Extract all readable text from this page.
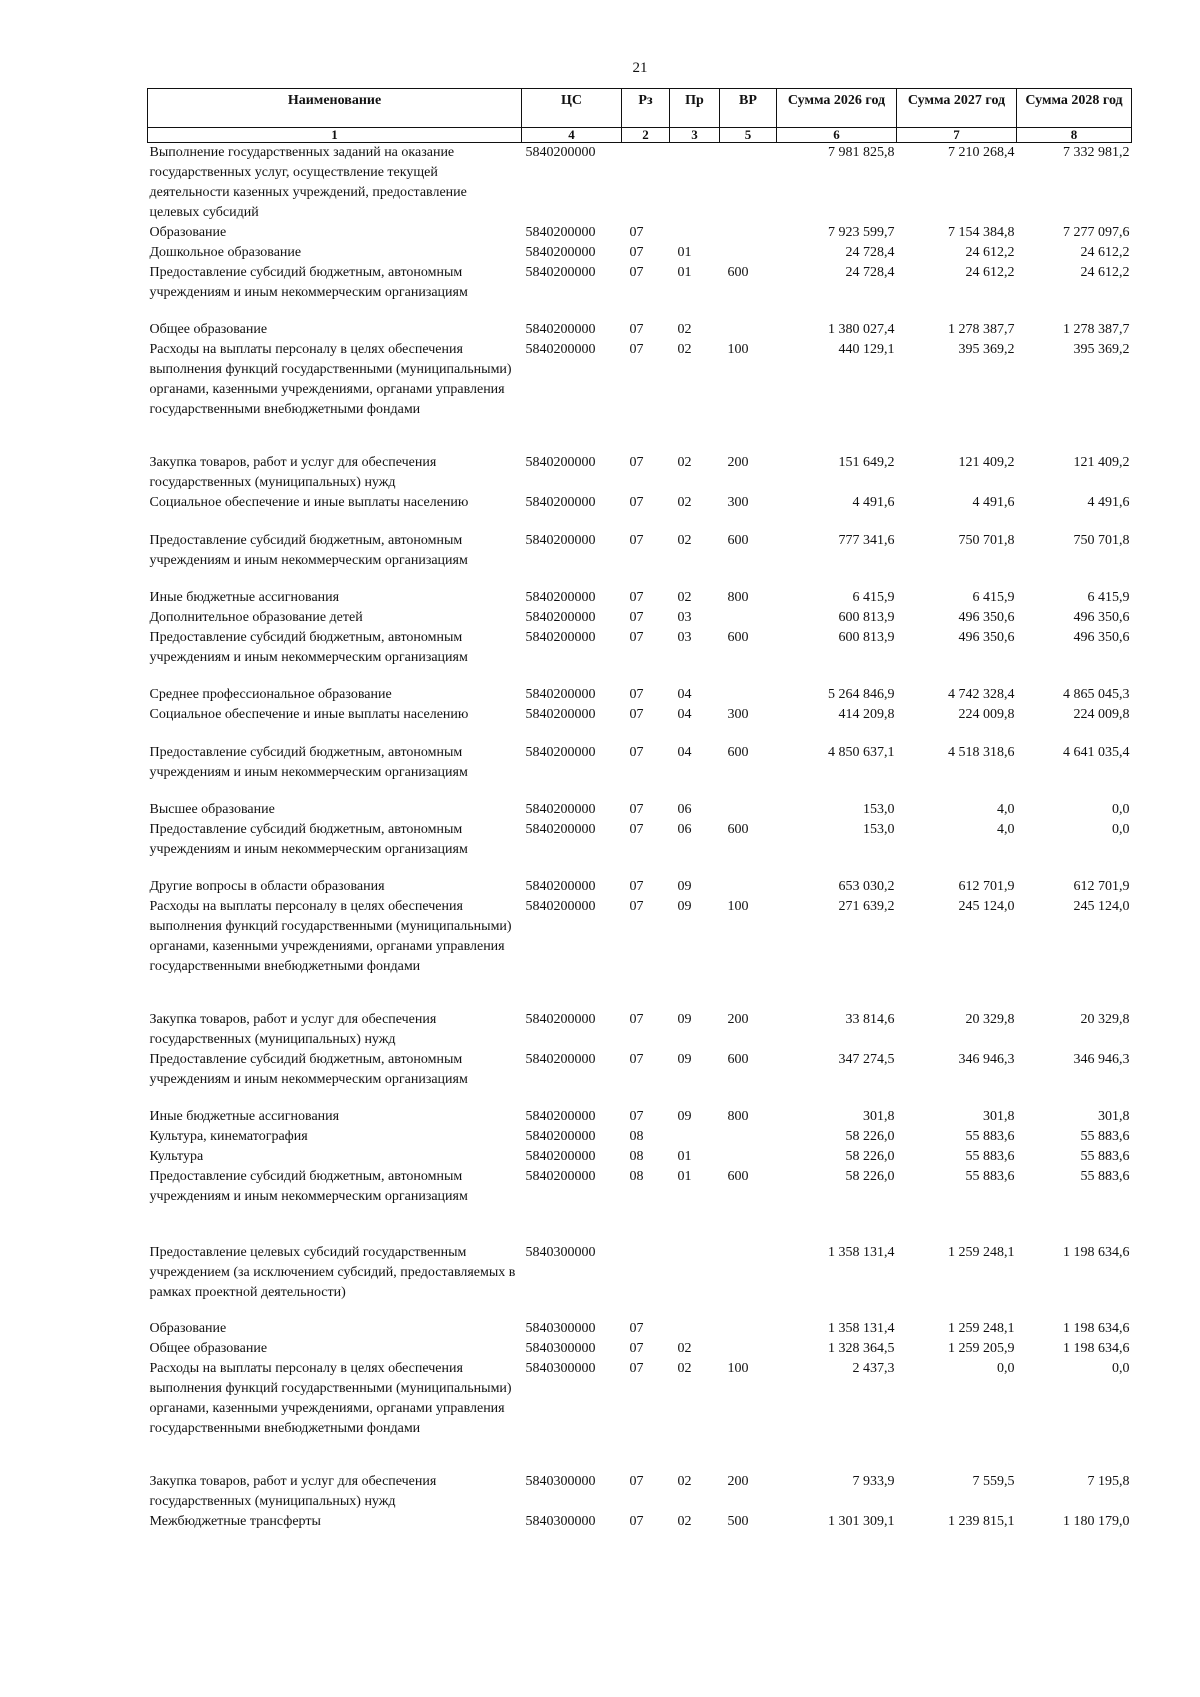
21
Наименование	ЦС	Рз	Пр	ВР	Сумма 2026 год	Сумма 2027 год	Сумма 2028 год
1	4	2	3	5	6	7	8
Выполнение государственных заданий на оказание государственных услуг, осуществление текущей деятельности казенных учреждений, предоставление целевых субсидий	5840200000				7 981 825,8	7 210 268,4	7 332 981,2
Образование	5840200000	07			7 923 599,7	7 154 384,8	7 277 097,6
Дошкольное образование	5840200000	07	01		24 728,4	24 612,2	24 612,2
Предоставление субсидий бюджетным, автономным учреждениям и иным некоммерческим организациям	5840200000	07	01	600	24 728,4	24 612,2	24 612,2
Общее образование	5840200000	07	02		1 380 027,4	1 278 387,7	1 278 387,7
Расходы на выплаты персоналу в целях обеспечения выполнения функций государственными (муниципальными) органами, казенными учреждениями, органами управления государственными внебюджетными фондами	5840200000	07	02	100	440 129,1	395 369,2	395 369,2
Закупка товаров, работ и услуг для обеспечения государственных (муниципальных) нужд	5840200000	07	02	200	151 649,2	121 409,2	121 409,2
Социальное обеспечение и иные выплаты населению	5840200000	07	02	300	4 491,6	4 491,6	4 491,6
Предоставление субсидий бюджетным, автономным учреждениям и иным некоммерческим организациям	5840200000	07	02	600	777 341,6	750 701,8	750 701,8
Иные бюджетные ассигнования	5840200000	07	02	800	6 415,9	6 415,9	6 415,9
Дополнительное образование детей	5840200000	07	03		600 813,9	496 350,6	496 350,6
Предоставление субсидий бюджетным, автономным учреждениям и иным некоммерческим организациям	5840200000	07	03	600	600 813,9	496 350,6	496 350,6
Среднее профессиональное образование	5840200000	07	04		5 264 846,9	4 742 328,4	4 865 045,3
Социальное обеспечение и иные выплаты населению	5840200000	07	04	300	414 209,8	224 009,8	224 009,8
Предоставление субсидий бюджетным, автономным учреждениям и иным некоммерческим организациям	5840200000	07	04	600	4 850 637,1	4 518 318,6	4 641 035,4
Высшее образование	5840200000	07	06		153,0	4,0	0,0
Предоставление субсидий бюджетным, автономным учреждениям и иным некоммерческим организациям	5840200000	07	06	600	153,0	4,0	0,0
Другие вопросы в области образования	5840200000	07	09		653 030,2	612 701,9	612 701,9
Расходы на выплаты персоналу в целях обеспечения выполнения функций государственными (муниципальными) органами, казенными учреждениями, органами управления государственными внебюджетными фондами	5840200000	07	09	100	271 639,2	245 124,0	245 124,0
Закупка товаров, работ и услуг для обеспечения государственных (муниципальных) нужд	5840200000	07	09	200	33 814,6	20 329,8	20 329,8
Предоставление субсидий бюджетным, автономным учреждениям и иным некоммерческим организациям	5840200000	07	09	600	347 274,5	346 946,3	346 946,3
Иные бюджетные ассигнования	5840200000	07	09	800	301,8	301,8	301,8
Культура, кинематография	5840200000	08			58 226,0	55 883,6	55 883,6
Культура	5840200000	08	01		58 226,0	55 883,6	55 883,6
Предоставление субсидий бюджетным, автономным учреждениям и иным некоммерческим организациям	5840200000	08	01	600	58 226,0	55 883,6	55 883,6
Предоставление целевых субсидий государственным учреждением (за исключением субсидий, предоставляемых в рамках проектной деятельности)	5840300000				1 358 131,4	1 259 248,1	1 198 634,6
Образование	5840300000	07			1 358 131,4	1 259 248,1	1 198 634,6
Общее образование	5840300000	07	02		1 328 364,5	1 259 205,9	1 198 634,6
Расходы на выплаты персоналу в целях обеспечения выполнения функций государственными (муниципальными) органами, казенными учреждениями, органами управления государственными внебюджетными фондами	5840300000	07	02	100	2 437,3	0,0	0,0
Закупка товаров, работ и услуг для обеспечения государственных (муниципальных) нужд	5840300000	07	02	200	7 933,9	7 559,5	7 195,8
Межбюджетные трансферты	5840300000	07	02	500	1 301 309,1	1 239 815,1	1 180 179,0
